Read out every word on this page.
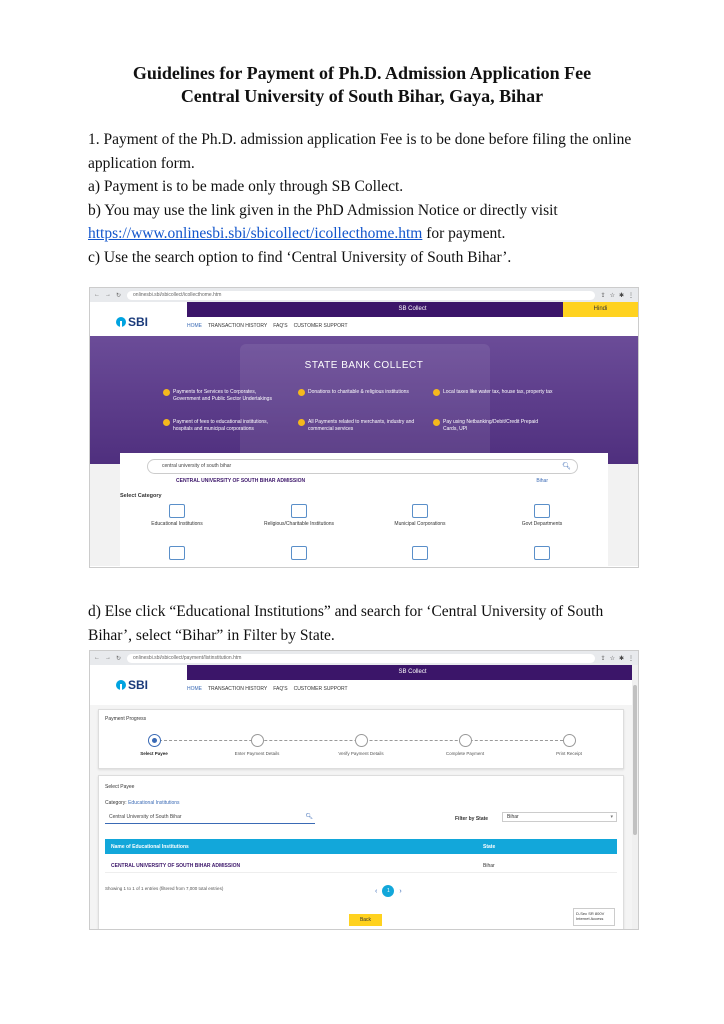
Guidelines for Payment of Ph.D. Admission Application Fee
Central University of South Bihar, Gaya, Bihar
1. Payment of the Ph.D. admission application Fee is to be done before filing the online application form.
a) Payment is to be made only through SB Collect.
b) You may use the link given in the PhD Admission Notice or directly visit https://www.onlinesbi.sbi/sbicollect/icollecthome.htm for payment.
c) Use the search option to find ‘Central University of South Bihar’.
← → ↻	onlinesbi.sbi/sbicollect/icollecthome.htm	⇪ ☆ ✱ ⋮
SB Collect	Hindi
SBI	HOME TRANSACTION HISTORY FAQ'S CUSTOMER SUPPORT
STATE BANK COLLECT
Payments for Services to Corporates, Government and Public Sector Undertakings
Donations to charitable & religious institutions	Local taxes like water tax, house tax, property tax
Payment of fees to educational institutions, hospitals and municipal corporations
All Payments related to merchants, industry and commercial services
Pay using Netbanking/Debit/Credit Prepaid Cards, UPI
central university of south bihar	🔍︎
CENTRAL UNIVERSITY OF SOUTH BIHAR ADMISSION	Bihar
Select Category
Educational Institutions	Religious/Charitable Institutions	Municipal Corporations	Govt Departments
d) Else click “Educational Institutions” and search for ‘Central University of South Bihar’, select “Bihar” in Filter by State.
← → ↻	onlinesbi.sbi/sbicollect/payment/listinstitution.htm	⇪ ☆ ✱ ⋮
SB Collect
SBI	HOME TRANSACTION HISTORY FAQ'S CUSTOMER SUPPORT
Payment Progress
Select Payee	Enter Payment Details	Verify Payment Details	Complete Payment	Print Receipt
Select Payee
Category: Educational Institutions
Central University of South Bihar	🔍︎	Filter by State	Bihar ▾
Name of Educational Institutions	State
CENTRAL UNIVERSITY OF SOUTH BIHAR ADMISSION	Bihar
Showing 1 to 1 of 1 entries (filtered from 7,000 total entries)	‹	1	›
Back
D-Sec SR 800V
Internet Access
